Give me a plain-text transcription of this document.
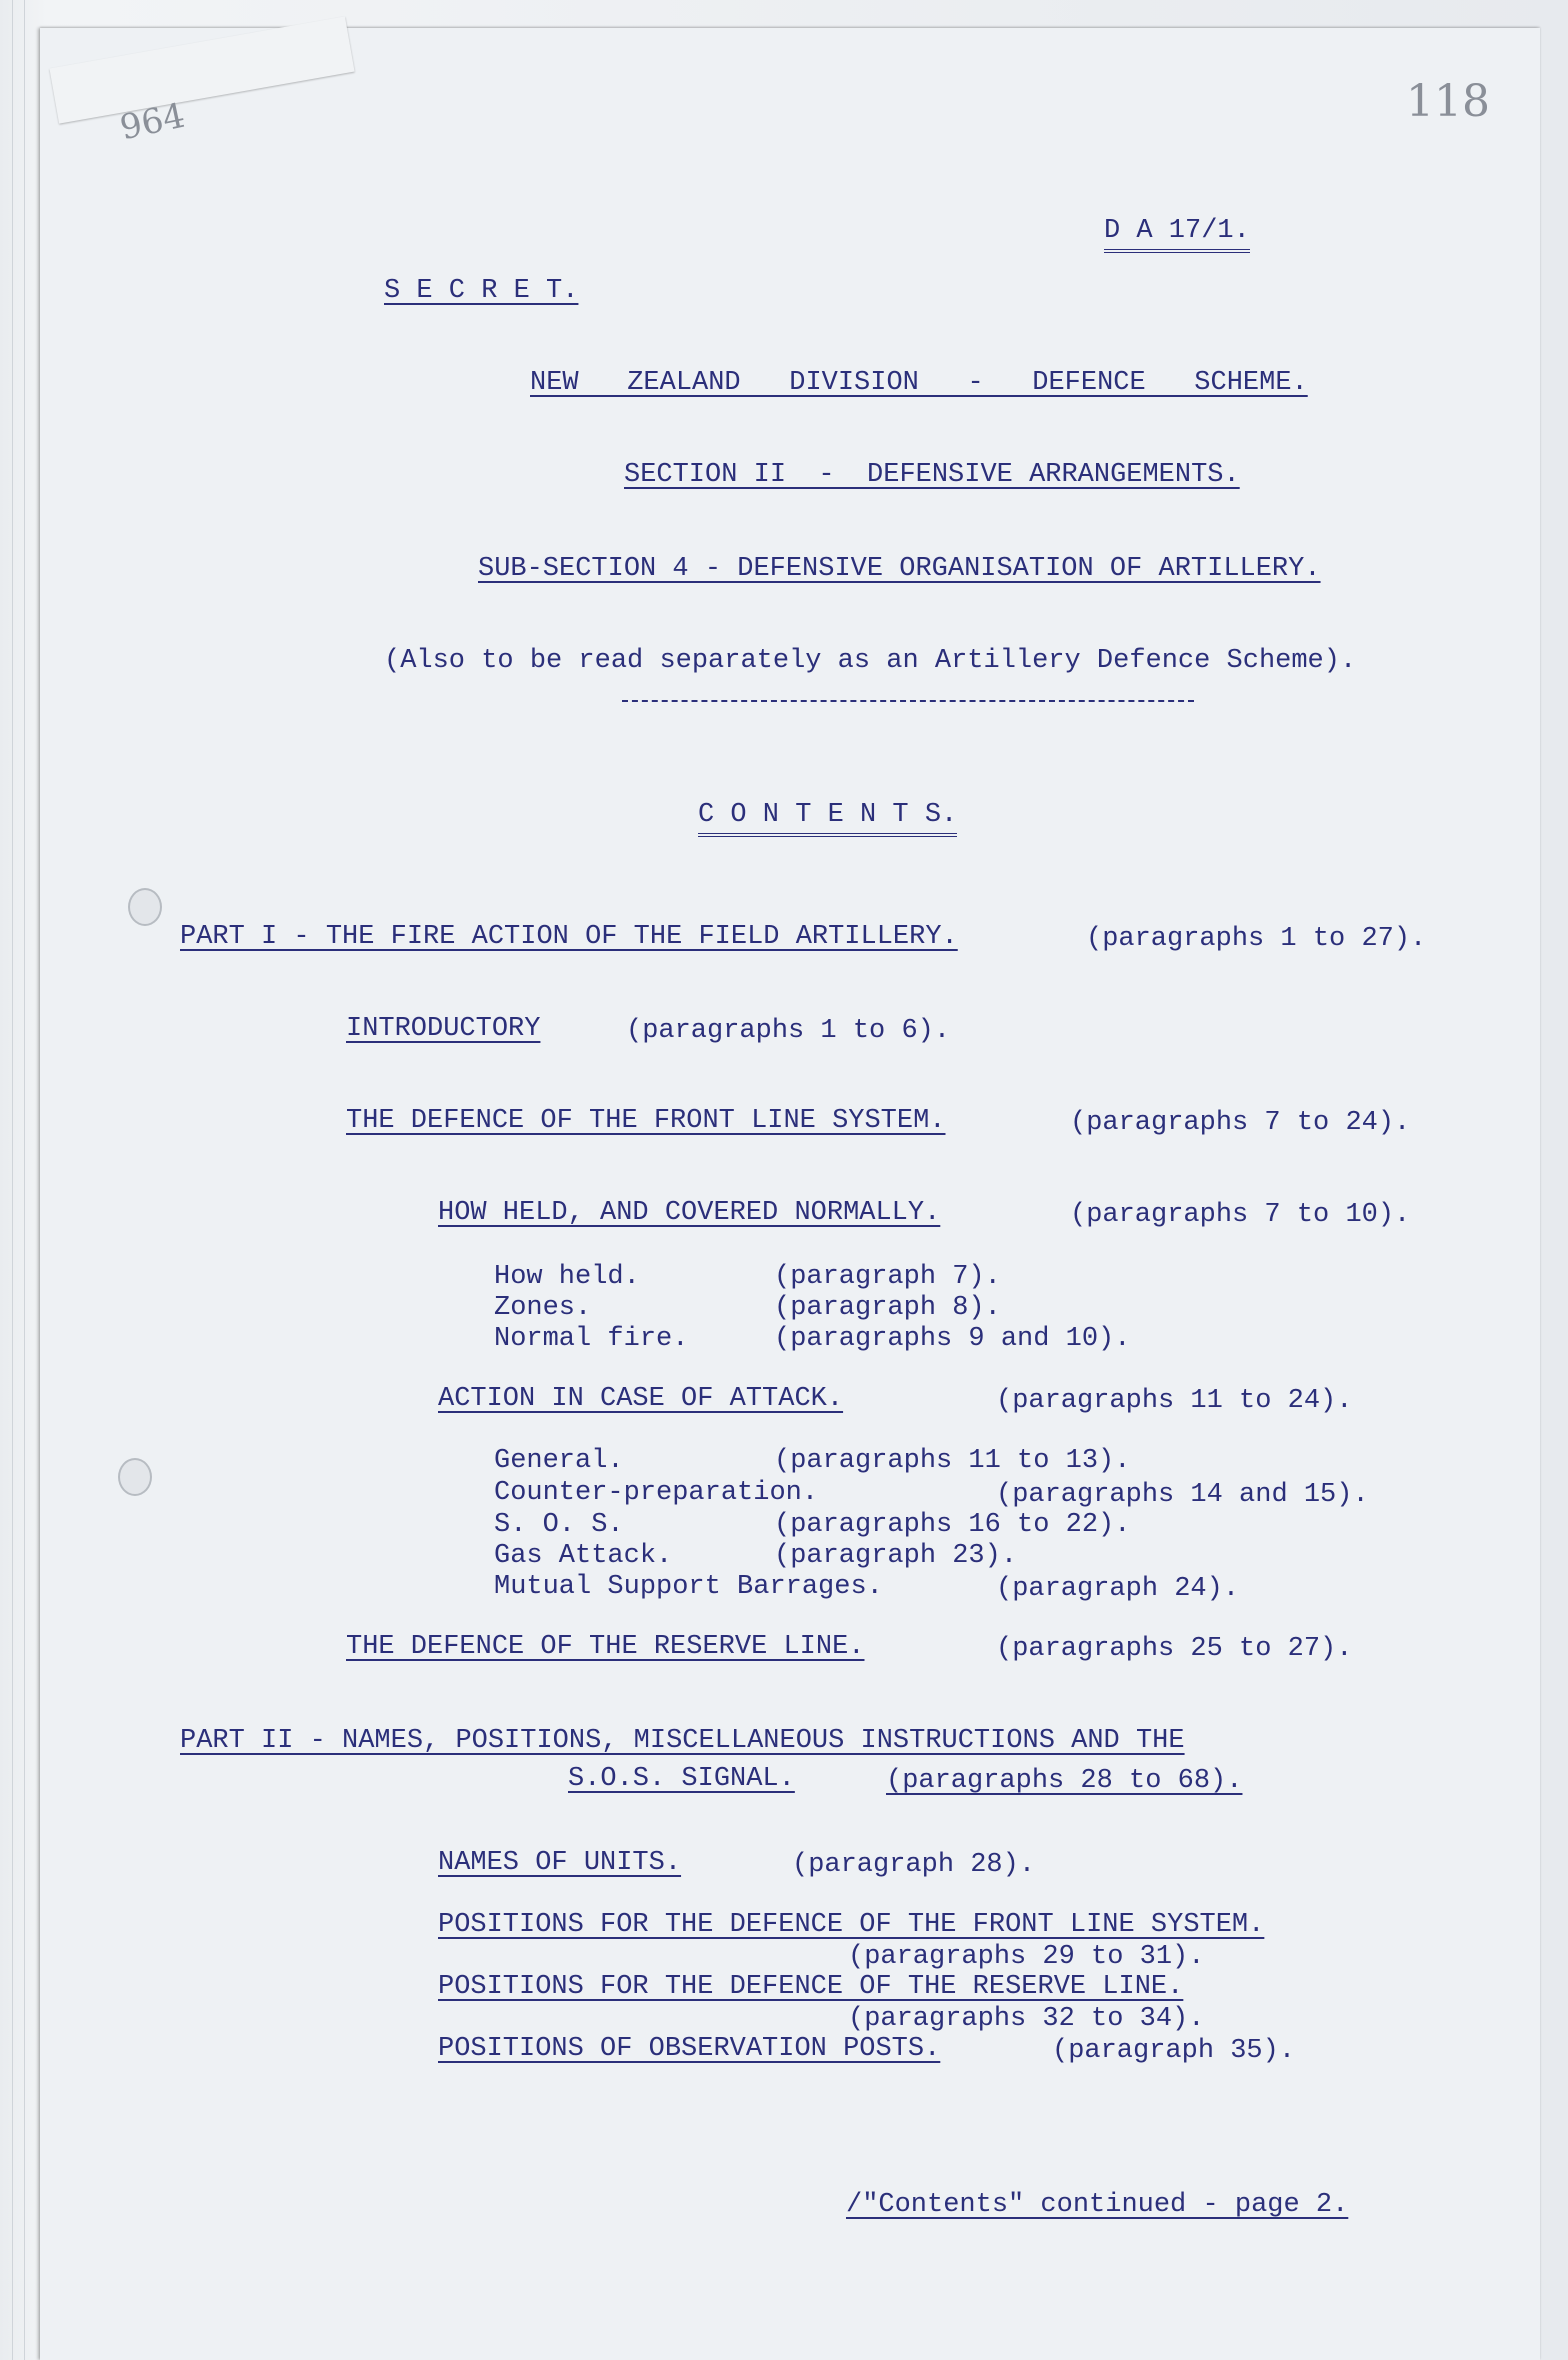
964	118
D A 17/1.
S E C R E T.
NEW   ZEALAND   DIVISION   -   DEFENCE   SCHEME.
SECTION II  -  DEFENSIVE ARRANGEMENTS.
SUB-SECTION 4 - DEFENSIVE ORGANISATION OF ARTILLERY.
(Also to be read separately as an Artillery Defence Scheme).
C O N T E N T S.
PART I - THE FIRE ACTION OF THE FIELD ARTILLERY.	(paragraphs 1 to 27).
INTRODUCTORY	(paragraphs 1 to 6).
THE DEFENCE OF THE FRONT LINE SYSTEM.	(paragraphs 7 to 24).
HOW HELD, AND COVERED NORMALLY.	(paragraphs 7 to 10).
How held.	(paragraph 7).
Zones.	(paragraph 8).
Normal fire.	(paragraphs 9 and 10).
ACTION IN CASE OF ATTACK.	(paragraphs 11 to 24).
General.	(paragraphs 11 to 13).
Counter-preparation.	(paragraphs 14 and 15).
S. O. S.	(paragraphs 16 to 22).
Gas Attack.	(paragraph 23).
Mutual Support Barrages.	(paragraph 24).
THE DEFENCE OF THE RESERVE LINE.	(paragraphs 25 to 27).
PART II - NAMES, POSITIONS, MISCELLANEOUS INSTRUCTIONS AND THE
S.O.S. SIGNAL.	(paragraphs 28 to 68).
NAMES OF UNITS.	(paragraph 28).
POSITIONS FOR THE DEFENCE OF THE FRONT LINE SYSTEM.
(paragraphs 29 to 31).
POSITIONS FOR THE DEFENCE OF THE RESERVE LINE.
(paragraphs 32 to 34).
POSITIONS OF OBSERVATION POSTS.	(paragraph 35).
/"Contents" continued - page 2.
